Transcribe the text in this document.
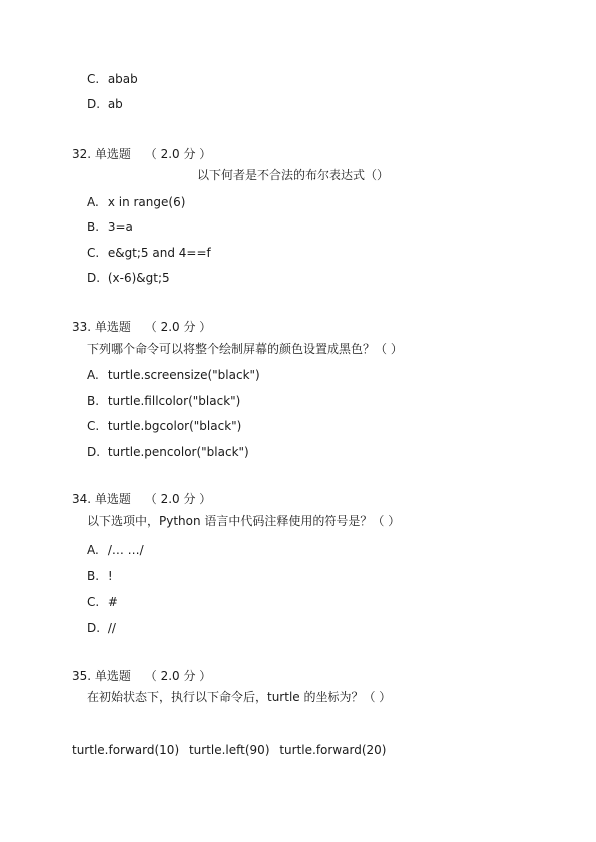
C. abab
D. ab
32. 单选题 （ 2.0 分 ）
以下何者是不合法的布尔表达式（）
A. x in range(6)
B. 3=a
C. e&gt;5 and 4==f
D. (x-6)&gt;5
33. 单选题 （ 2.0 分 ）
下列哪个命令可以将整个绘制屏幕的颜色设置成黑色？（ ）
A. turtle.screensize("black")
B. turtle.fillcolor("black")
C. turtle.bgcolor("black")
D. turtle.pencolor("black")
34. 单选题 （ 2.0 分 ）
以下选项中，Python 语言中代码注释使用的符号是？（ ）
A. /… …/
B. !
C. #
D. //
35. 单选题 （ 2.0 分 ）
在初始状态下，执行以下命令后，turtle 的坐标为？（ ）
turtle.forward(10) turtle.left(90) turtle.forward(20)
